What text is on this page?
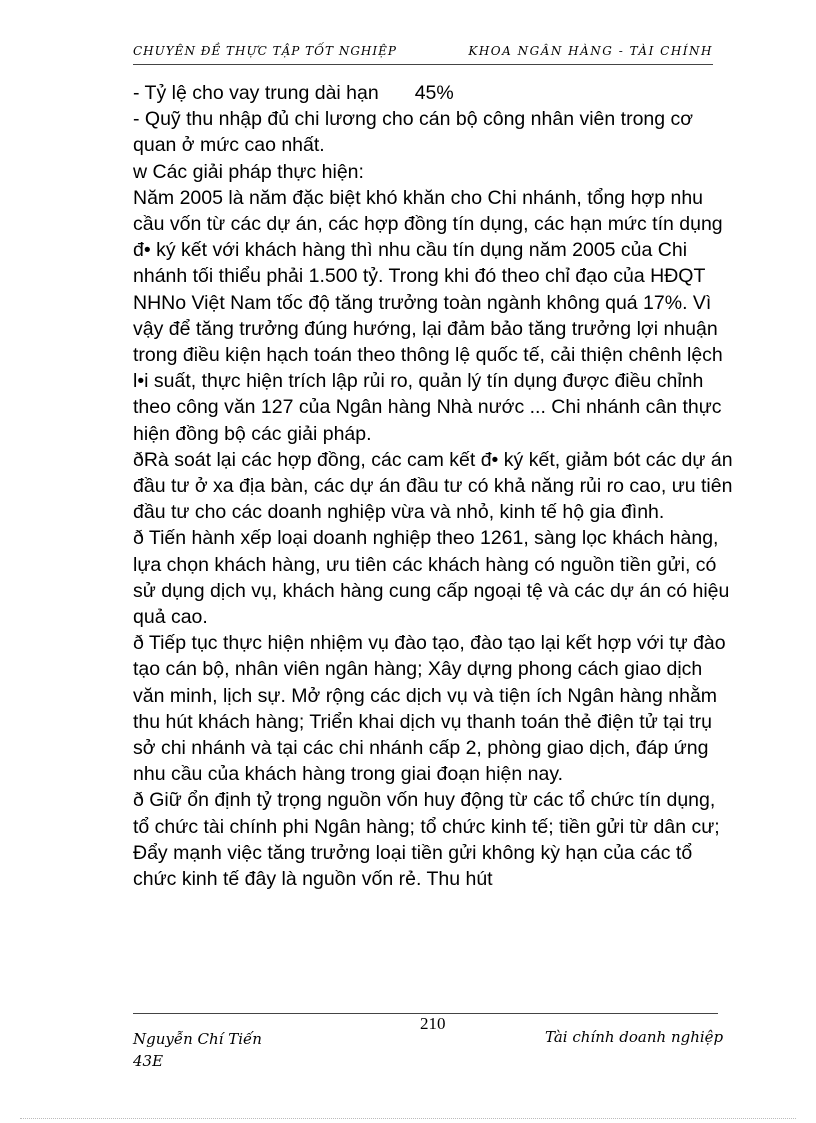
CHUYÊN ĐỀ THỰC TẬP TỐT NGHIỆP	KHOA NGÂN HÀNG - TÀI CHÍNH

- Tỷ lệ cho vay trung dài hạn 45%

- Quỹ thu nhập đủ chi lương cho cán bộ công nhân viên trong cơ quan ở mức cao nhất.

w Các giải pháp thực hiện:

Năm 2005 là năm đặc biệt khó khăn cho Chi nhánh, tổng hợp nhu cầu vốn từ các dự án, các hợp đồng tín dụng, các hạn mức tín dụng đ• ký kết với khách hàng thì nhu cầu tín dụng năm 2005 của Chi nhánh tối thiểu phải 1.500 tỷ. Trong khi đó theo chỉ đạo của HĐQT NHNo Việt Nam tốc độ tăng trưởng toàn ngành không quá 17%. Vì vậy để tăng trưởng đúng hướng, lại đảm bảo tăng trưởng lợi nhuận trong điều kiện hạch toán theo thông lệ quốc tế, cải thiện chênh lệch l•i suất, thực hiện trích lập rủi ro, quản lý tín dụng được điều chỉnh theo công văn 127 của Ngân hàng Nhà nước ... Chi nhánh cân thực hiện đồng bộ các giải pháp.

ðRà soát lại các hợp đồng, các cam kết đ• ký kết, giảm bót các dự án đầu tư ở xa địa bàn, các dự án đầu tư có khả năng rủi ro cao, ưu tiên đầu tư cho các doanh nghiệp vừa và nhỏ, kinh tế hộ gia đình.

ð Tiến hành xếp loại doanh nghiệp theo 1261, sàng lọc khách hàng, lựa chọn khách hàng, ưu tiên các khách hàng có nguồn tiền gửi, có sử dụng dịch vụ, khách hàng cung cấp ngoại tệ và các dự án có hiệu quả cao.

ð Tiếp tục thực hiện nhiệm vụ đào tạo, đào tạo lại kết hợp với tự đào tạo cán bộ, nhân viên ngân hàng; Xây dựng phong cách giao dịch văn minh, lịch sự. Mở rộng các dịch vụ và tiện ích Ngân hàng nhằm thu hút khách hàng; Triển khai dịch vụ thanh toán thẻ điện tử tại trụ sở chi nhánh và tại các chi nhánh cấp 2, phòng giao dịch, đáp ứng nhu cầu của khách hàng trong giai đoạn hiện nay.

ð Giữ ổn định tỷ trọng nguồn vốn huy động từ các tổ chức tín dụng, tổ chức tài chính phi Ngân hàng; tổ chức kinh tế; tiền gửi từ dân cư; Đẩy mạnh việc tăng trưởng loại tiền gửi không kỳ hạn của các tổ chức kinh tế đây là nguồn vốn rẻ. Thu hút

210
Nguyễn Chí Tiến
43E
Tài chính doanh nghiệp
